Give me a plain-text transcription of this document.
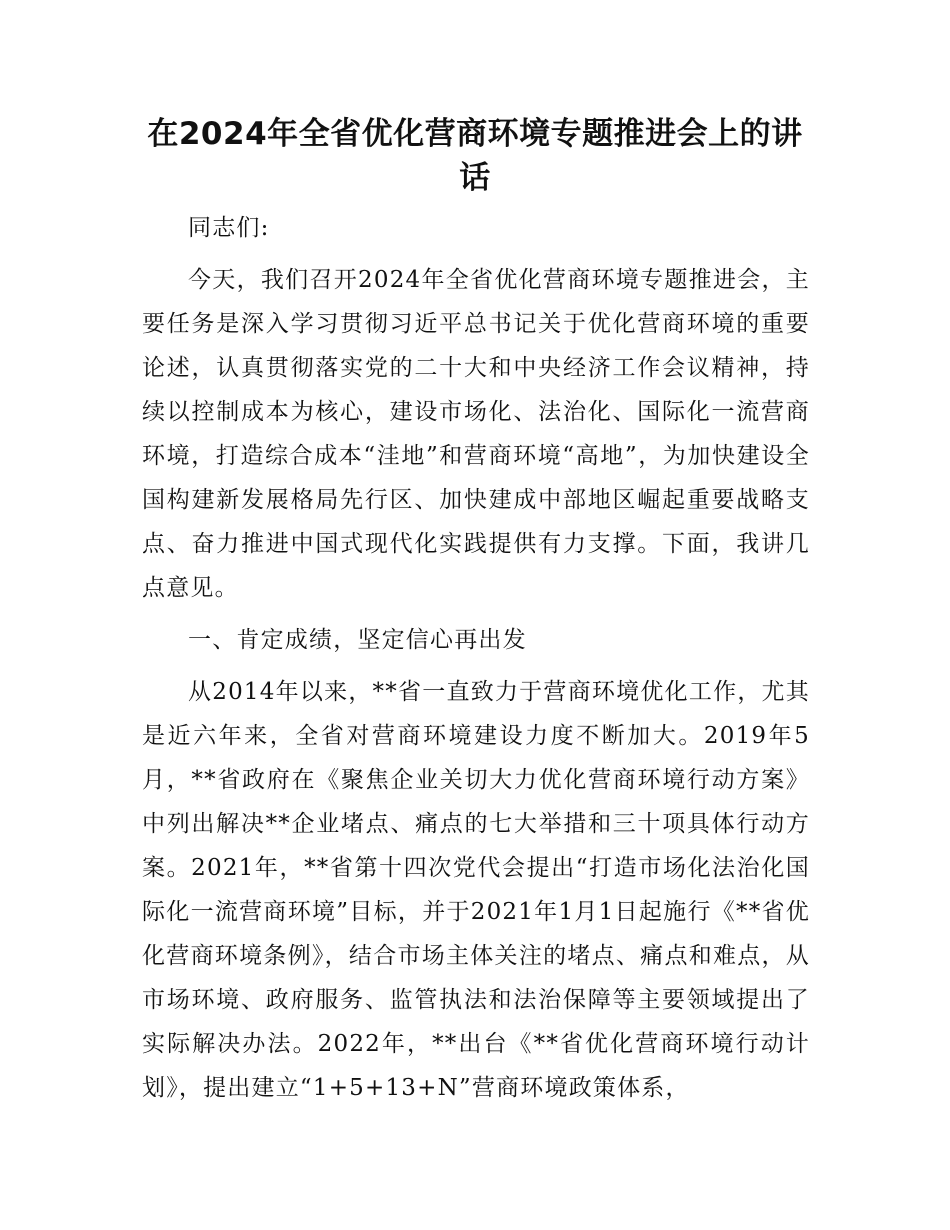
在2024年全省优化营商环境专题推进会上的讲话

同志们:

今天，我们召开2024年全省优化营商环境专题推进会，主要任务是深入学习贯彻习近平总书记关于优化营商环境的重要论述，认真贯彻落实党的二十大和中央经济工作会议精神，持续以控制成本为核心，建设市场化、法治化、国际化一流营商环境，打造综合成本“洼地”和营商环境“高地”，为加快建设全国构建新发展格局先行区、加快建成中部地区崛起重要战略支点、奋力推进中国式现代化实践提供有力支撑。下面，我讲几点意见。

一、肯定成绩，坚定信心再出发

从2014年以来，**省一直致力于营商环境优化工作，尤其是近六年来，全省对营商环境建设力度不断加大。2019年5月，**省政府在《聚焦企业关切大力优化营商环境行动方案》中列出解决**企业堵点、痛点的七大举措和三十项具体行动方案。2021年，**省第十四次党代会提出“打造市场化法治化国际化一流营商环境”目标，并于2021年1月1日起施行《**省优化营商环境条例》，结合市场主体关注的堵点、痛点和难点，从市场环境、政府服务、监管执法和法治保障等主要领域提出了实际解决办法。2022年，**出台《**省优化营商环境行动计划》，提出建立“1+5+13+N”营商环境政策体系，
